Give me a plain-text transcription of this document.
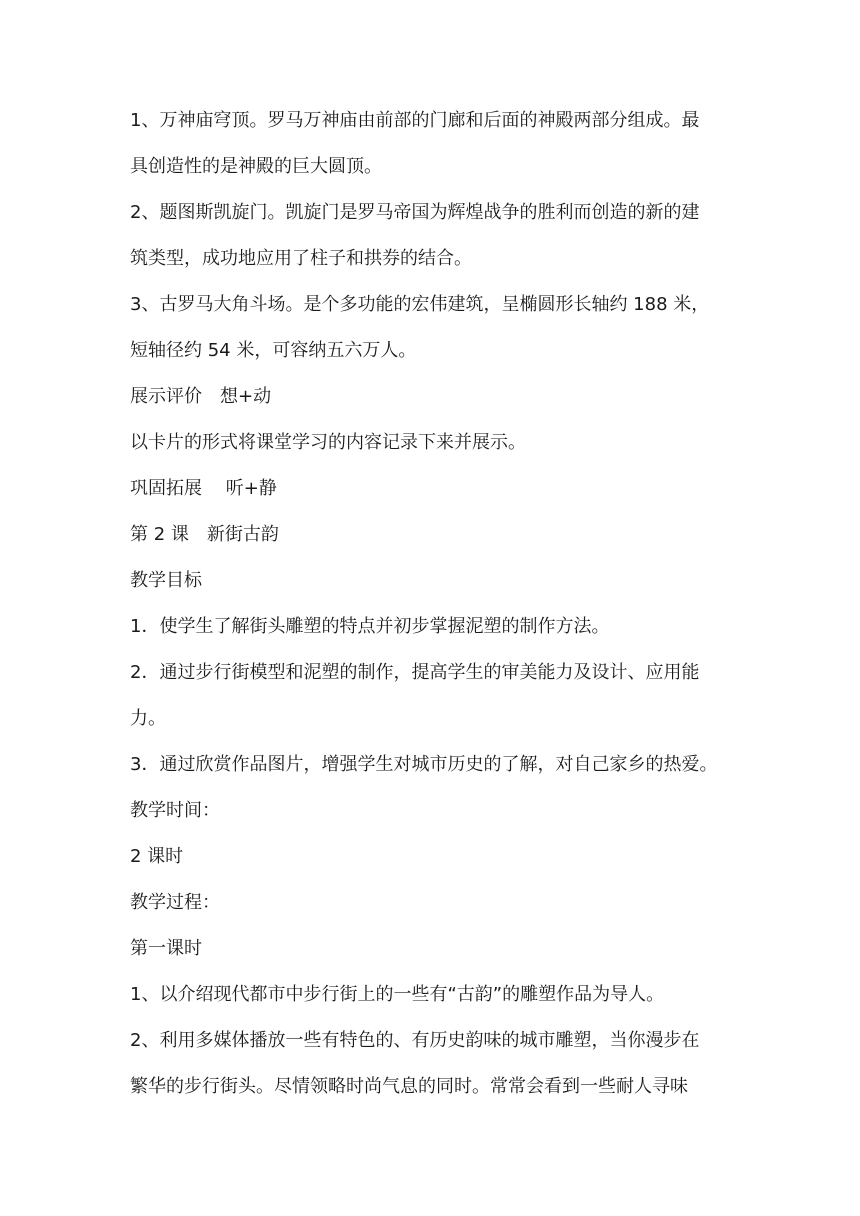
1、万神庙穹顶。罗马万神庙由前部的门廊和后面的神殿两部分组成。最

具创造性的是神殿的巨大圆顶。

2、题图斯凯旋门。凯旋门是罗马帝国为辉煌战争的胜利而创造的新的建

筑类型，成功地应用了柱子和拱券的结合。

3、古罗马大角斗场。是个多功能的宏伟建筑，呈椭圆形长轴约 188 米，

短轴径约 54 米，可容纳五六万人。

展示评价　想+动

以卡片的形式将课堂学习的内容记录下来并展示。

巩固拓展　 听+静

第 2 课　新街古韵

教学目标

1．使学生了解街头雕塑的特点并初步掌握泥塑的制作方法。

2．通过步行街模型和泥塑的制作，提高学生的审美能力及设计、应用能

力。

3．通过欣赏作品图片，增强学生对城市历史的了解，对自己家乡的热爱。

教学时间：

2 课时

教学过程：

第一课时

1、以介绍现代都市中步行街上的一些有“古韵”的雕塑作品为导人。

2、利用多媒体播放一些有特色的、有历史韵味的城市雕塑，当你漫步在

繁华的步行街头。尽情领略时尚气息的同时。常常会看到一些耐人寻味
